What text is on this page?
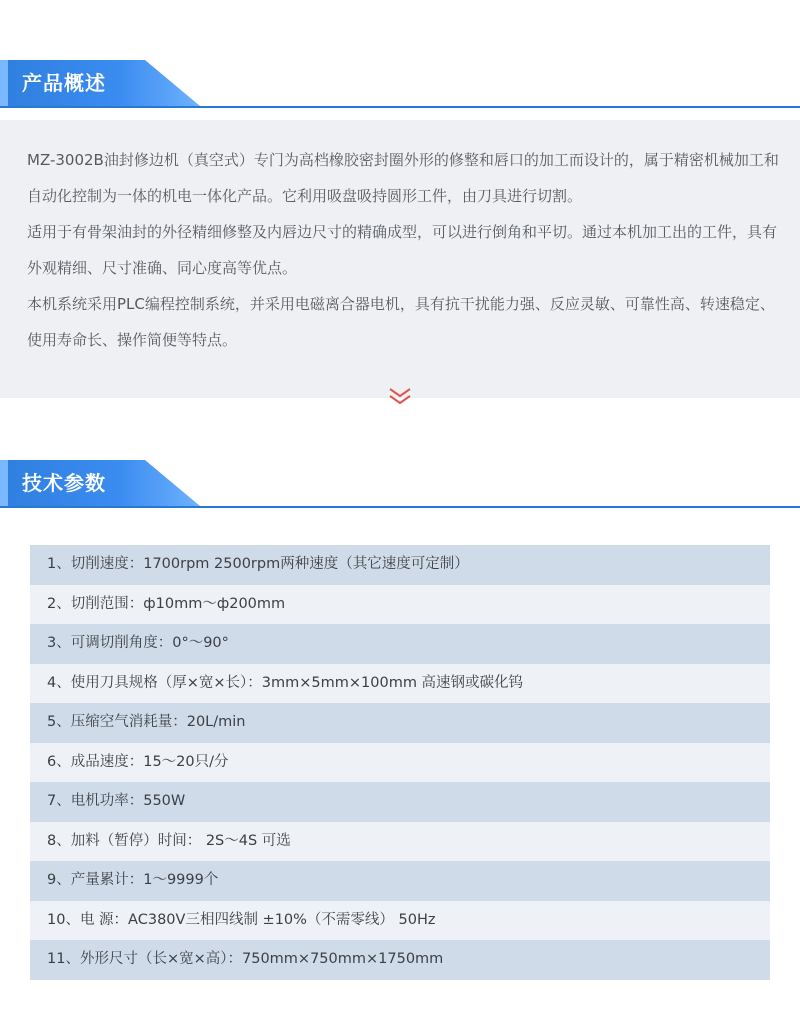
产品概述

MZ-3002B油封修边机（真空式）专门为高档橡胶密封圈外形的修整和唇口的加工而设计的，属于精密机械加工和自动化控制为一体的机电一体化产品。它利用吸盘吸持圆形工件，由刀具进行切割。

适用于有骨架油封的外径精细修整及内唇边尺寸的精确成型，可以进行倒角和平切。通过本机加工出的工件，具有外观精细、尺寸准确、同心度高等优点。

本机系统采用PLC编程控制系统，并采用电磁离合器电机，具有抗干扰能力强、反应灵敏、可靠性高、转速稳定、使用寿命长、操作简便等特点。

技术参数
1、切削速度：1700rpm 2500rpm两种速度（其它速度可定制）
2、切削范围：ф10mm～ф200mm
3、可调切削角度：0°～90°
4、使用刀具规格（厚×宽×长）：3mm×5mm×100mm 高速钢或碳化钨
5、压缩空气消耗量：20L/min
6、成品速度：15～20只/分
7、电机功率：550W
8、加料（暂停）时间： 2S～4S 可选
9、产量累计：1～9999个
10、电 源：AC380V三相四线制 ±10%（不需零线） 50Hz
11、外形尺寸（长×宽×高）：750mm×750mm×1750mm
